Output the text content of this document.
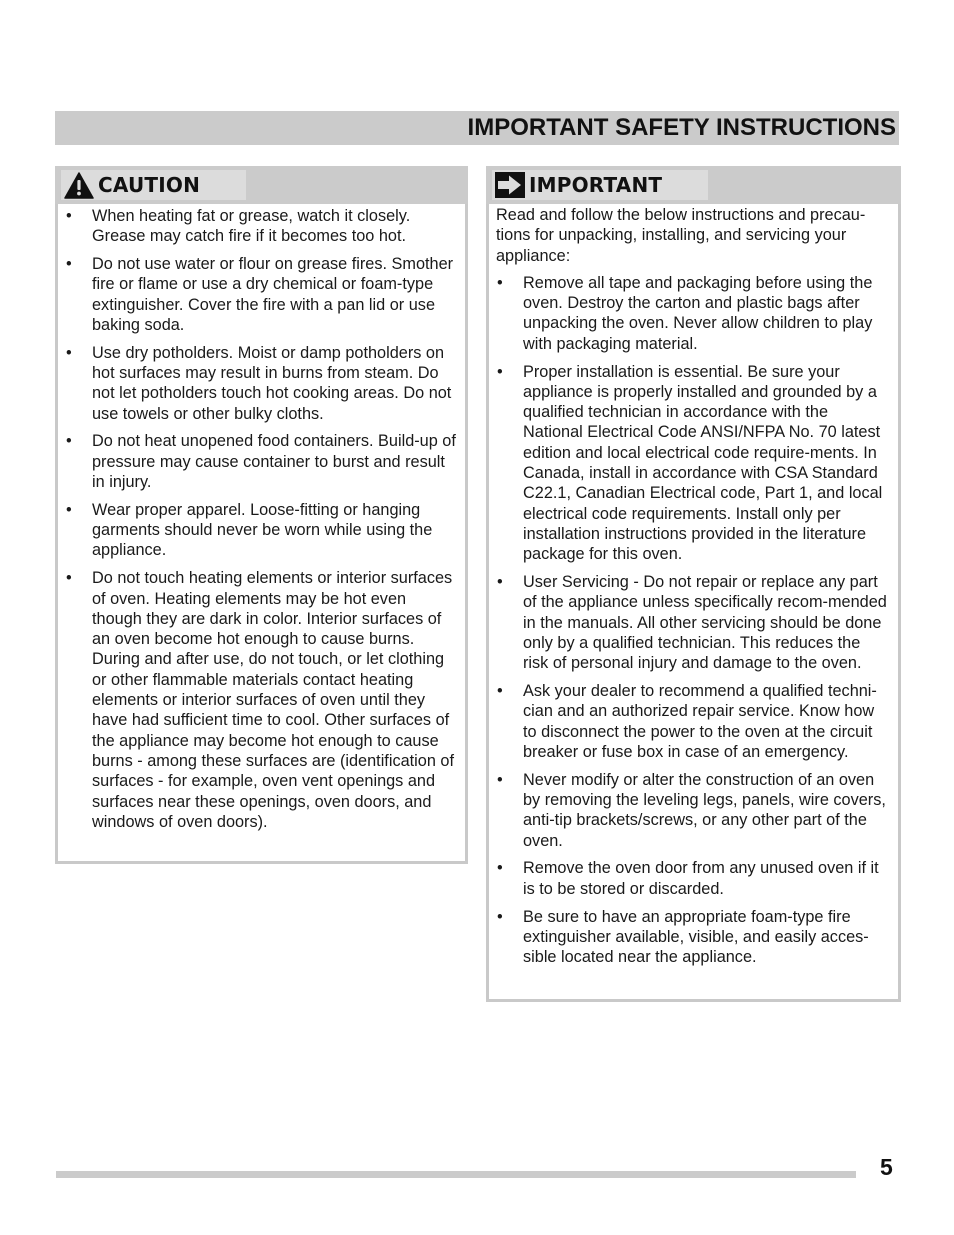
IMPORTANT SAFETY INSTRUCTIONS
CAUTION
• When heating fat or grease, watch it closely. Grease may catch fire if it becomes too hot.
• Do not use water or flour on grease fires. Smother fire or flame or use a dry chemical or foam-type extinguisher. Cover the fire with a pan lid or use baking soda.
• Use dry potholders. Moist or damp potholders on hot surfaces may result in burns from steam. Do not let potholders touch hot cooking areas. Do not use towels or other bulky cloths.
• Do not heat unopened food containers. Build-up of pressure may cause container to burst and result in injury.
• Wear proper apparel. Loose-fitting or hanging garments should never be worn while using the appliance.
• Do not touch heating elements or interior surfaces of oven. Heating elements may be hot even though they are dark in color. Interior surfaces of an oven become hot enough to cause burns. During and after use, do not touch, or let clothing or other flammable materials contact heating elements or interior surfaces of oven until they have had sufficient time to cool. Other surfaces of the appliance may become hot enough to cause burns - among these surfaces are (identification of surfaces - for example, oven vent openings and surfaces near these openings, oven doors, and windows of oven doors).
IMPORTANT

Read and follow the below instructions and precau-tions for unpacking, installing, and servicing your appliance:

• Remove all tape and packaging before using the oven. Destroy the carton and plastic bags after unpacking the oven. Never allow children to play with packaging material.
• Proper installation is essential. Be sure your appliance is properly installed and grounded by a qualified technician in accordance with the National Electrical Code ANSI/NFPA No. 70 latest edition and local electrical code require-ments. In Canada, install in accordance with CSA Standard C22.1, Canadian Electrical code, Part 1, and local electrical code requirements. Install only per installation instructions provided in the literature package for this oven.
• User Servicing - Do not repair or replace any part of the appliance unless specifically recom-mended in the manuals. All other servicing should be done only by a qualified technician. This reduces the risk of personal injury and damage to the oven.
• Ask your dealer to recommend a qualified techni-cian and an authorized repair service. Know how to disconnect the power to the oven at the circuit breaker or fuse box in case of an emergency.
• Never modify or alter the construction of an oven by removing the leveling legs, panels, wire covers, anti-tip brackets/screws, or any other part of the oven.
• Remove the oven door from any unused oven if it is to be stored or discarded.
• Be sure to have an appropriate foam-type fire extinguisher available, visible, and easily acces-sible located near the appliance.
5
